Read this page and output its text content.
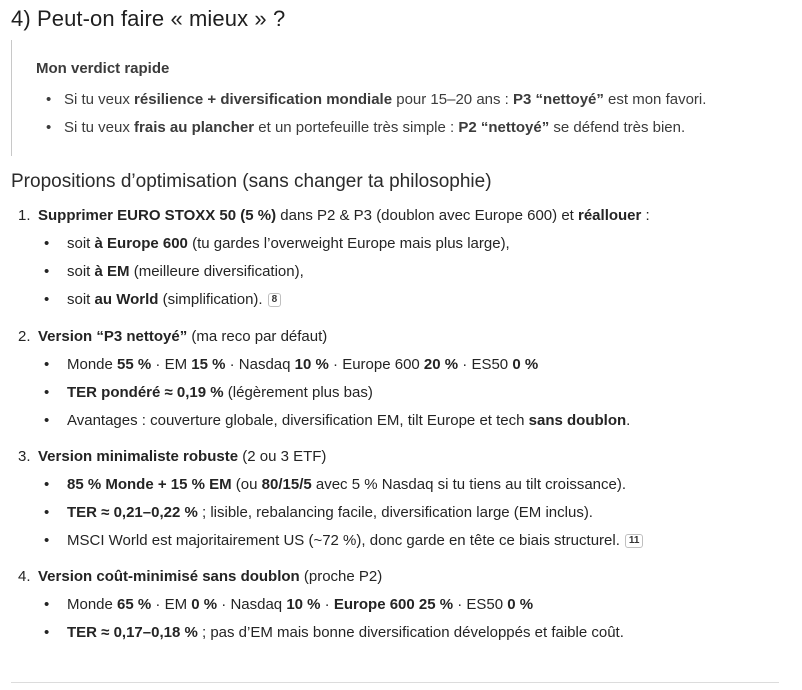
4) Peut-on faire « mieux » ?
Mon verdict rapide
• Si tu veux résilience + diversification mondiale pour 15–20 ans : P3 “nettoyé” est mon favori.
• Si tu veux frais au plancher et un portefeuille très simple : P2 “nettoyé” se défend très bien.
Propositions d’optimisation (sans changer ta philosophie)
1. Supprimer EURO STOXX 50 (5 %) dans P2 & P3 (doublon avec Europe 600) et réallouer :
• soit à Europe 600 (tu gardes l’overweight Europe mais plus large),
• soit à EM (meilleure diversification),
• soit au World (simplification). 8
2. Version “P3 nettoyé” (ma reco par défaut)
• Monde 55 % · EM 15 % · Nasdaq 10 % · Europe 600 20 % · ES50 0 %
• TER pondéré ≈ 0,19 % (légèrement plus bas)
• Avantages : couverture globale, diversification EM, tilt Europe et tech sans doublon.
3. Version minimaliste robuste (2 ou 3 ETF)
• 85 % Monde + 15 % EM (ou 80/15/5 avec 5 % Nasdaq si tu tiens au tilt croissance).
• TER ≈ 0,21–0,22 % ; lisible, rebalancing facile, diversification large (EM inclus).
• MSCI World est majoritairement US (~72 %), donc garde en tête ce biais structurel. 11
4. Version coût-minimisé sans doublon (proche P2)
• Monde 65 % · EM 0 % · Nasdaq 10 % · Europe 600 25 % · ES50 0 %
• TER ≈ 0,17–0,18 % ; pas d’EM mais bonne diversification développés et faible coût.
